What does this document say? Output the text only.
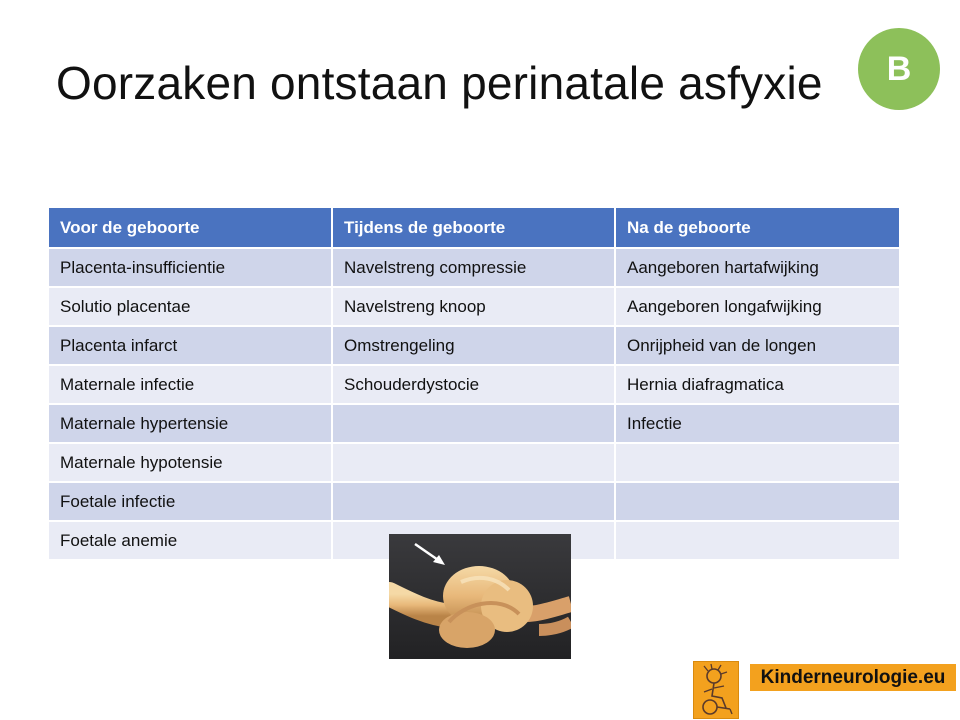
Oorzaken ontstaan perinatale asfyxie	B
Voor de geboorte	Tijdens de geboorte	Na de geboorte
Placenta-insufficientie	Navelstreng compressie	Aangeboren hartafwijking
Solutio placentae	Navelstreng knoop	Aangeboren longafwijking
Placenta infarct	Omstrengeling	Onrijpheid van de longen
Maternale infectie	Schouderdystocie	Hernia diafragmatica
Maternale hypertensie		Infectie
Maternale hypotensie		
Foetale infectie		
Foetale anemie		
Kinderneurologie.eu
